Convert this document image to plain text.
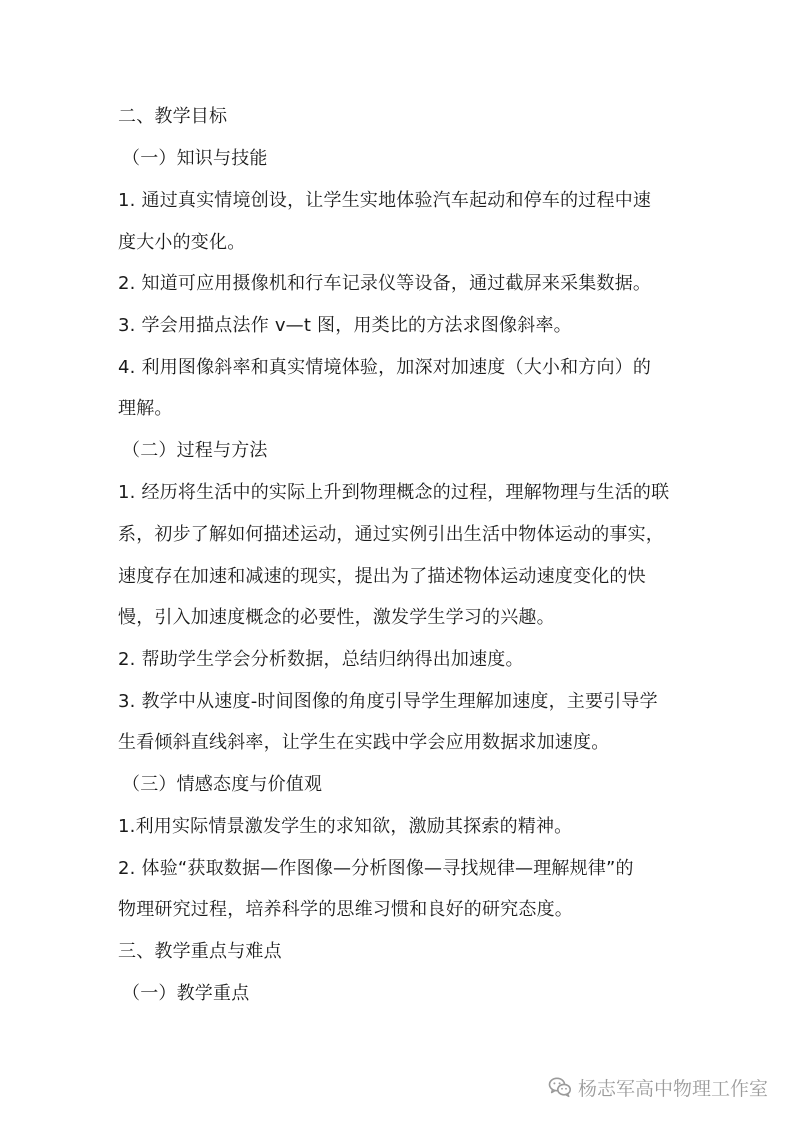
二、教学目标
（一）知识与技能
1. 通过真实情境创设，让学生实地体验汽车起动和停车的过程中速
度大小的变化。
2. 知道可应用摄像机和行车记录仪等设备，通过截屏来采集数据。
3. 学会用描点法作 v—t 图，用类比的方法求图像斜率。
4. 利用图像斜率和真实情境体验，加深对加速度（大小和方向）的
理解。
（二）过程与方法
1. 经历将生活中的实际上升到物理概念的过程，理解物理与生活的联
系，初步了解如何描述运动，通过实例引出生活中物体运动的事实，
速度存在加速和减速的现实，提出为了描述物体运动速度变化的快
慢，引入加速度概念的必要性，激发学生学习的兴趣。
2. 帮助学生学会分析数据，总结归纳得出加速度。
3. 教学中从速度-时间图像的角度引导学生理解加速度，主要引导学
生看倾斜直线斜率，让学生在实践中学会应用数据求加速度。
（三）情感态度与价值观
1.利用实际情景激发学生的求知欲，激励其探索的精神。
2. 体验“获取数据—作图像—分析图像—寻找规律—理解规律”的
物理研究过程，培养科学的思维习惯和良好的研究态度。
三、教学重点与难点
（一）教学重点
杨志军高中物理工作室
